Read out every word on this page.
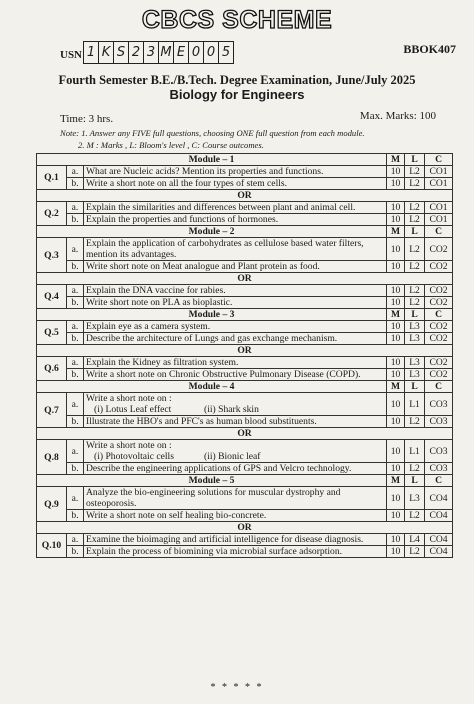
CBCS SCHEME
USN 1 K S 2 3 M E 0 0 5	BBOK407
Fourth Semester B.E./B.Tech. Degree Examination, June/July 2025
Biology for Engineers
Time: 3 hrs.	Max. Marks: 100
Note: 1. Answer any FIVE full questions, choosing ONE full question from each module.
2. M : Marks , L: Bloom's level , C: Course outcomes.
Module – 1			M	L	C
Q.1	a.	What are Nucleic acids? Mention its properties and functions.	10	L2	CO1
	b.	Write a short note on all the four types of stem cells.	10	L2	CO1
OR					
Q.2	a.	Explain the similarities and differences between plant and animal cell.	10	L2	CO1
	b.	Explain the properties and functions of hormones.	10	L2	CO1
Module – 2			M	L	C
Q.3	a.	Explain the application of carbohydrates as cellulose based water filters, mention its advantages.	10	L2	CO2
	b.	Write short note on Meat analogue and Plant protein as food.	10	L2	CO2
OR					
Q.4	a.	Explain the DNA vaccine for rabies.	10	L2	CO2
	b.	Write short note on PLA as bioplastic.	10	L2	CO2
Module – 3			M	L	C
Q.5	a.	Explain eye as a camera system.	10	L3	CO2
	b.	Describe the architecture of Lungs and gas exchange mechanism.	10	L3	CO2
OR					
Q.6	a.	Explain the Kidney as filtration system.	10	L3	CO2
	b.	Write a short note on Chronic Obstructive Pulmonary Disease (COPD).	10	L3	CO2
Module – 4			M	L	C
Q.7	a.	Write a short note on :
(i) Lotus Leaf effect (ii) Shark skin	10	L1	CO3
	b.	Illustrate the HBO's and PFC's as human blood substituents.	10	L2	CO3
OR					
Q.8	a.	Write a short note on :
(i) Photovoltaic cells (ii) Bionic leaf	10	L1	CO3
	b.	Describe the engineering applications of GPS and Velcro technology.	10	L2	CO3
Module – 5			M	L	C
Q.9	a.	Analyze the bio-engineering solutions for muscular dystrophy and osteoporosis.	10	L3	CO4
	b.	Write a short note on self healing bio-concrete.	10	L2	CO4
OR					
Q.10	a.	Examine the bioimaging and artificial intelligence for disease diagnosis.	10	L4	CO4
	b.	Explain the process of biomining via microbial surface adsorption.	10	L2	CO4
* * * * *
